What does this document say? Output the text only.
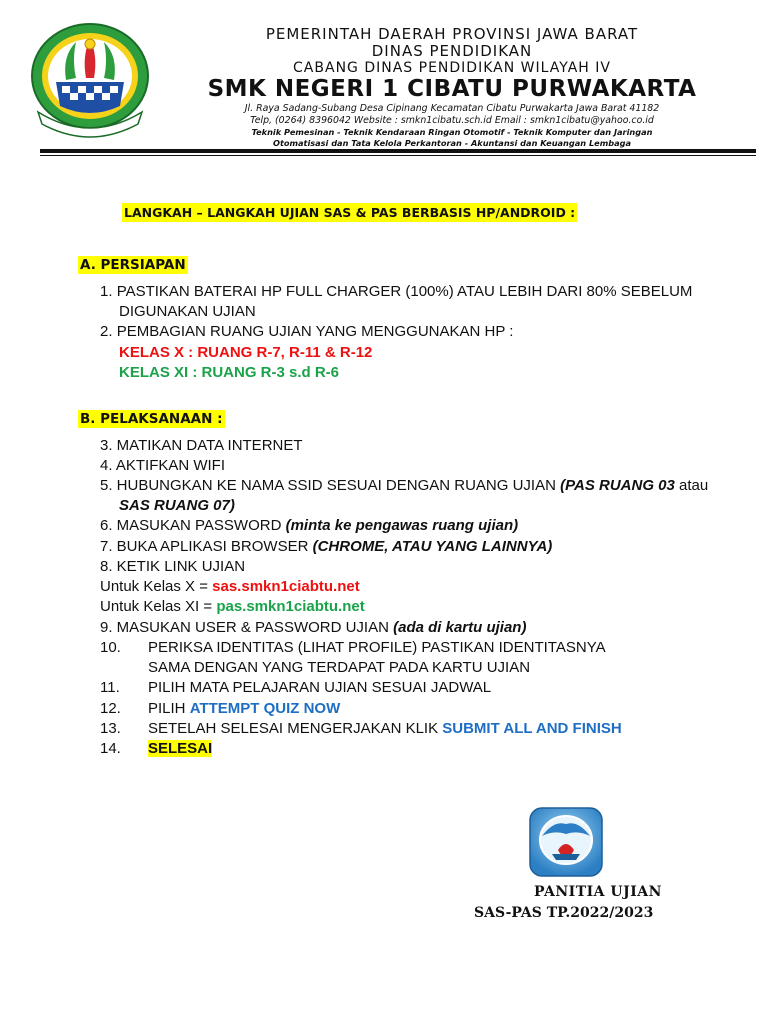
PEMERINTAH DAERAH PROVINSI JAWA BARAT
DINAS PENDIDIKAN
CABANG DINAS PENDIDIKAN WILAYAH IV
SMK NEGERI 1 CIBATU PURWAKARTA
Jl. Raya Sadang-Subang Desa Cipinang Kecamatan Cibatu Purwakarta Jawa Barat 41182
Telp, (0264) 8396042 Website : smkn1cibatu.sch.id Email : smkn1cibatu@yahoo.co.id
Teknik Pemesinan - Teknik Kendaraan Ringan Otomotif - Teknik Komputer dan Jaringan
Otomatisasi dan Tata Kelola Perkantoran - Akuntansi dan Keuangan Lembaga
LANGKAH – LANGKAH UJIAN SAS & PAS BERBASIS HP/ANDROID :
A. PERSIAPAN
1. PASTIKAN BATERAI HP FULL CHARGER (100%) ATAU LEBIH DARI 80% SEBELUM
DIGUNAKAN UJIAN
2. PEMBAGIAN RUANG UJIAN YANG MENGGUNAKAN HP :
KELAS X : RUANG R-7, R-11 & R-12
KELAS XI : RUANG R-3 s.d R-6
B. PELAKSANAAN :
3. MATIKAN DATA INTERNET
4. AKTIFKAN WIFI
5. HUBUNGKAN KE NAMA SSID SESUAI DENGAN RUANG UJIAN (PAS RUANG 03 atau
SAS RUANG 07)
6. MASUKAN PASSWORD (minta ke pengawas ruang ujian)
7. BUKA APLIKASI BROWSER (CHROME, ATAU YANG LAINNYA)
8. KETIK LINK UJIAN
Untuk Kelas X = sas.smkn1ciabtu.net
Untuk Kelas XI = pas.smkn1ciabtu.net
9. MASUKAN USER & PASSWORD UJIAN (ada di kartu ujian)
10. PERIKSA IDENTITAS (LIHAT PROFILE) PASTIKAN IDENTITASNYA
SAMA DENGAN YANG TERDAPAT PADA KARTU UJIAN
11. PILIH MATA PELAJARAN UJIAN SESUAI JADWAL
12. PILIH ATTEMPT QUIZ NOW
13. SETELAH SELESAI MENGERJAKAN KLIK SUBMIT ALL AND FINISH
14. SELESAI
PANITIA UJIAN
SAS-PAS TP.2022/2023
